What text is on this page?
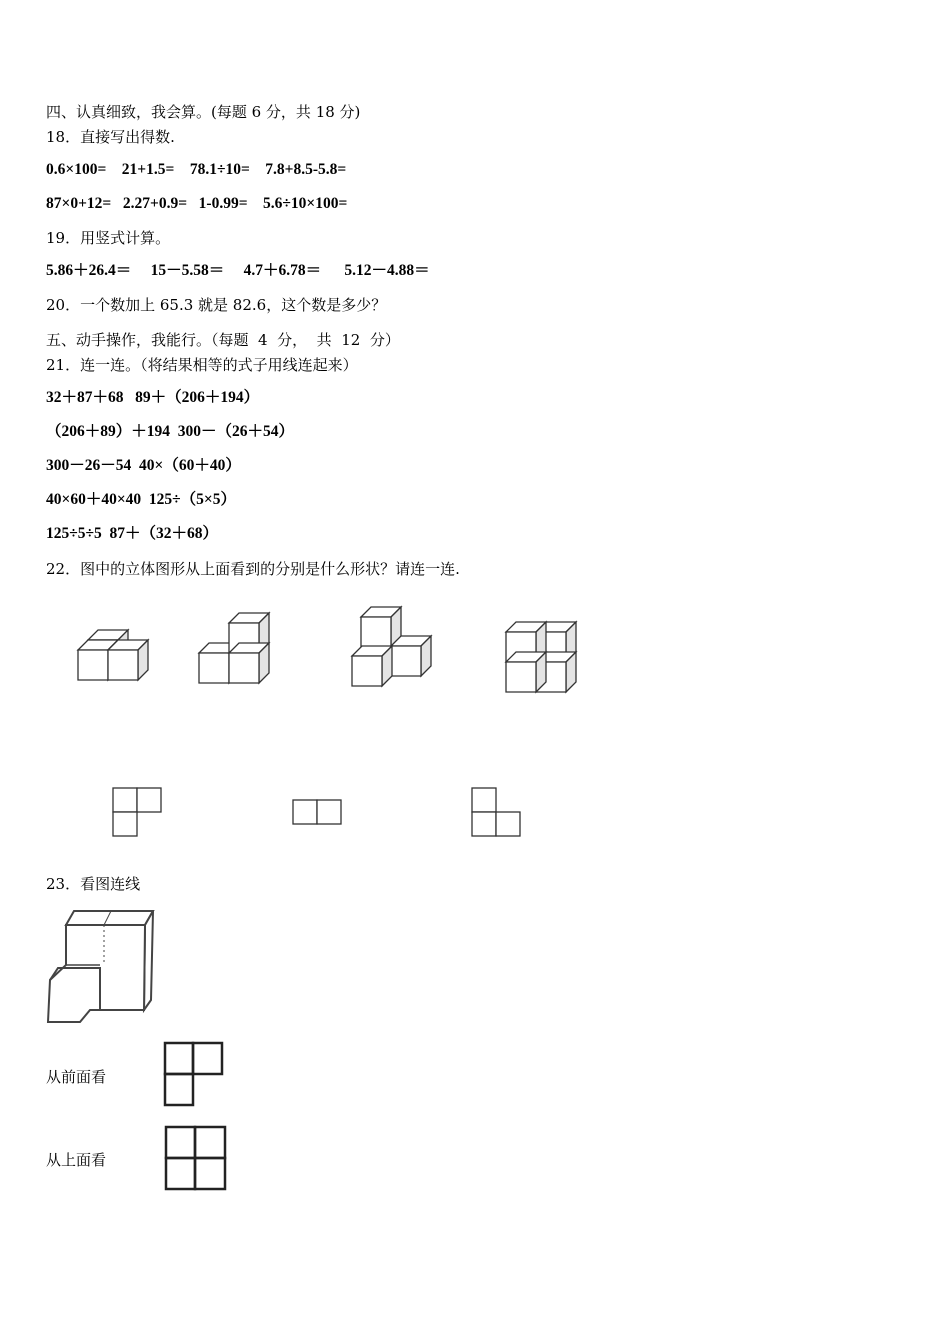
四、认真细致，我会算。(每题 6 分，共 18 分)
18．直接写出得数.
0.6×100=    21+1.5=    78.1÷10=    7.8+8.5-5.8=
87×0+12=   2.27+0.9=   1-0.99=    5.6÷10×100=
19．用竖式计算。
5.86＋26.4＝     15－5.58＝     4.7＋6.78＝      5.12－4.88＝
20．一个数加上 65.3 就是 82.6，这个数是多少？
五、动手操作，我能行。（每题  4  分，  共  12  分）
21．连一连。（将结果相等的式子用线连起来）
32＋87＋68   89＋（206＋194）
（206＋89）＋194  300－（26＋54）
300－26－54  40×（60＋40）
40×60＋40×40  125÷（5×5）
125÷5÷5  87＋（32＋68）
22．图中的立体图形从上面看到的分别是什么形状？请连一连.
23．看图连线
从前面看
从上面看
